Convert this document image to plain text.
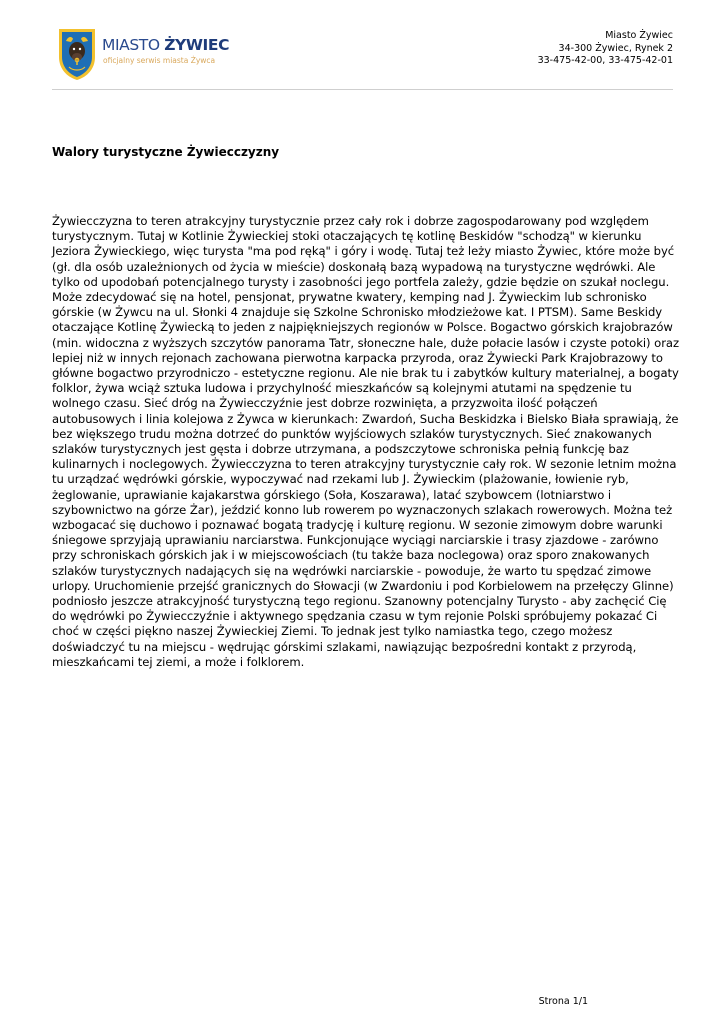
MIASTO ŻYWIEC
oficjalny serwis miasta Żywca
Miasto Żywiec
34-300 Żywiec, Rynek 2
33-475-42-00, 33-475-42-01
Walory turystyczne Żywiecczyzny

Żywiecczyzna to teren atrakcyjny turystycznie przez cały rok i dobrze zagospodarowany pod względem turystycznym. Tutaj w Kotlinie Żywieckiej stoki otaczających tę kotlinę Beskidów "schodzą" w kierunku Jeziora Żywieckiego, więc turysta "ma pod ręką" i góry i wodę. Tutaj też leży miasto Żywiec, które może być (gł. dla osób uzależnionych od życia w mieście) doskonałą bazą wypadową na turystyczne wędrówki. Ale tylko od upodobań potencjalnego turysty i zasobności jego portfela zależy, gdzie będzie on szukał noclegu. Może zdecydować się na hotel, pensjonat, prywatne kwatery, kemping nad J. Żywieckim lub schronisko górskie (w Żywcu na ul. Słonki 4 znajduje się Szkolne Schronisko młodzieżowe kat. I PTSM). Same Beskidy otaczające Kotlinę Żywiecką to jeden z najpiękniejszych regionów w Polsce. Bogactwo górskich krajobrazów (min. widoczna z wyższych szczytów panorama Tatr, słoneczne hale, duże połacie lasów i czyste potoki) oraz lepiej niż w innych rejonach zachowana pierwotna karpacka przyroda, oraz Żywiecki Park Krajobrazowy to główne bogactwo przyrodniczo - estetyczne regionu. Ale nie brak tu i zabytków kultury materialnej, a bogaty folklor, żywa wciąż sztuka ludowa i przychylność mieszkańców są kolejnymi atutami na spędzenie tu wolnego czasu. Sieć dróg na Żywiecczyźnie jest dobrze rozwinięta, a przyzwoita ilość połączeń autobusowych i linia kolejowa z Żywca w kierunkach: Zwardoń, Sucha Beskidzka i Bielsko Biała sprawiają, że bez większego trudu można dotrzeć do punktów wyjściowych szlaków turystycznych. Sieć znakowanych szlaków turystycznych jest gęsta i dobrze utrzymana, a podszczytowe schroniska pełnią funkcję baz kulinarnych i noclegowych. Żywiecczyzna to teren atrakcyjny turystycznie cały rok. W sezonie letnim można tu urządzać wędrówki górskie, wypoczywać nad rzekami lub J. Żywieckim (plażowanie, łowienie ryb, żeglowanie, uprawianie kajakarstwa górskiego (Soła, Koszarawa), latać szybowcem (lotniarstwo i szybownictwo na górze Żar), jeździć konno lub rowerem po wyznaczonych szlakach rowerowych. Można też wzbogacać się duchowo i poznawać bogatą tradycję i kulturę regionu. W sezonie zimowym dobre warunki śniegowe sprzyjają uprawianiu narciarstwa. Funkcjonujące wyciągi narciarskie i trasy zjazdowe - zarówno przy schroniskach górskich jak i w miejscowościach (tu także baza noclegowa) oraz sporo znakowanych szlaków turystycznych nadających się na wędrówki narciarskie - powoduje, że warto tu spędzać zimowe urlopy. Uruchomienie przejść granicznych do Słowacji (w Zwardoniu i pod Korbielowem na przełęczy Glinne) podniosło jeszcze atrakcyjność turystyczną tego regionu. Szanowny potencjalny Turysto - aby zachęcić Cię do wędrówki po Żywiecczyźnie i aktywnego spędzania czasu w tym rejonie Polski spróbujemy pokazać Ci choć w części piękno naszej Żywieckiej Ziemi. To jednak jest tylko namiastka tego, czego możesz doświadczyć tu na miejscu - wędrując górskimi szlakami, nawiązując bezpośredni kontakt z przyrodą, mieszkańcami tej ziemi, a może i folklorem.

Strona 1/1
